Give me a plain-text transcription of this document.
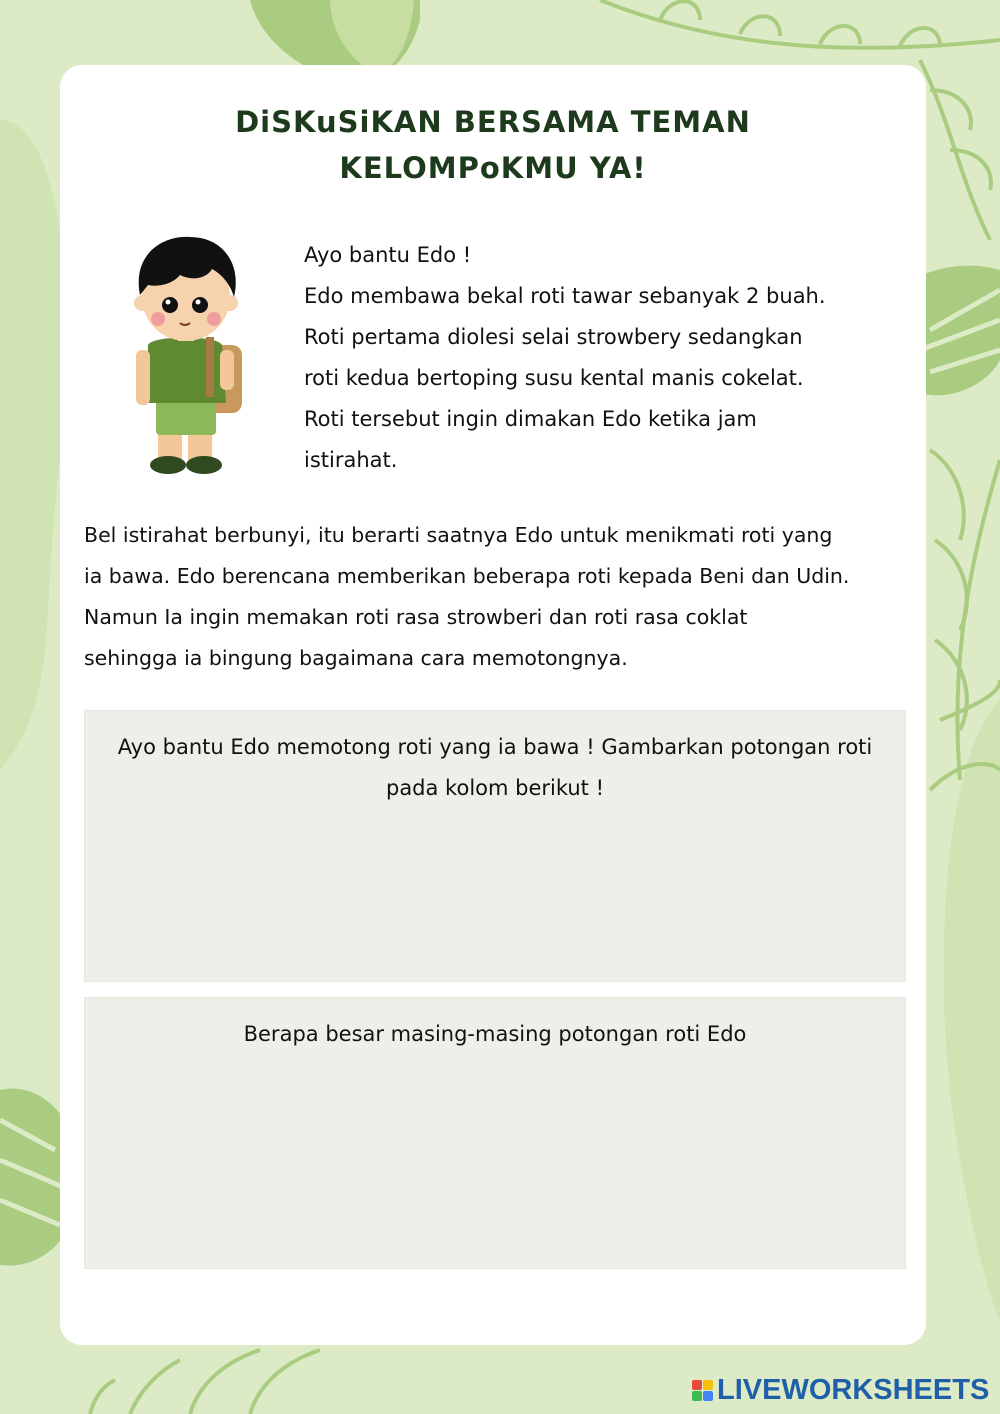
DiSKuSiKAN BERSAMA TEMAN
KELOMPoKMU YA!
Ayo bantu Edo !
Edo membawa bekal roti tawar sebanyak 2 buah.
Roti pertama diolesi selai strowbery sedangkan
roti kedua bertoping susu kental manis cokelat.
Roti tersebut ingin dimakan Edo ketika jam
istirahat.
Bel istirahat berbunyi, itu berarti saatnya Edo untuk menikmati roti yang
ia bawa. Edo berencana memberikan beberapa roti kepada Beni dan Udin.
Namun Ia ingin memakan roti rasa strowberi dan roti rasa coklat
sehingga ia bingung bagaimana cara memotongnya.
Ayo bantu Edo memotong roti yang ia bawa ! Gambarkan potongan roti
pada kolom berikut !
Berapa besar masing-masing potongan roti Edo
LIVEWORKSHEETS
